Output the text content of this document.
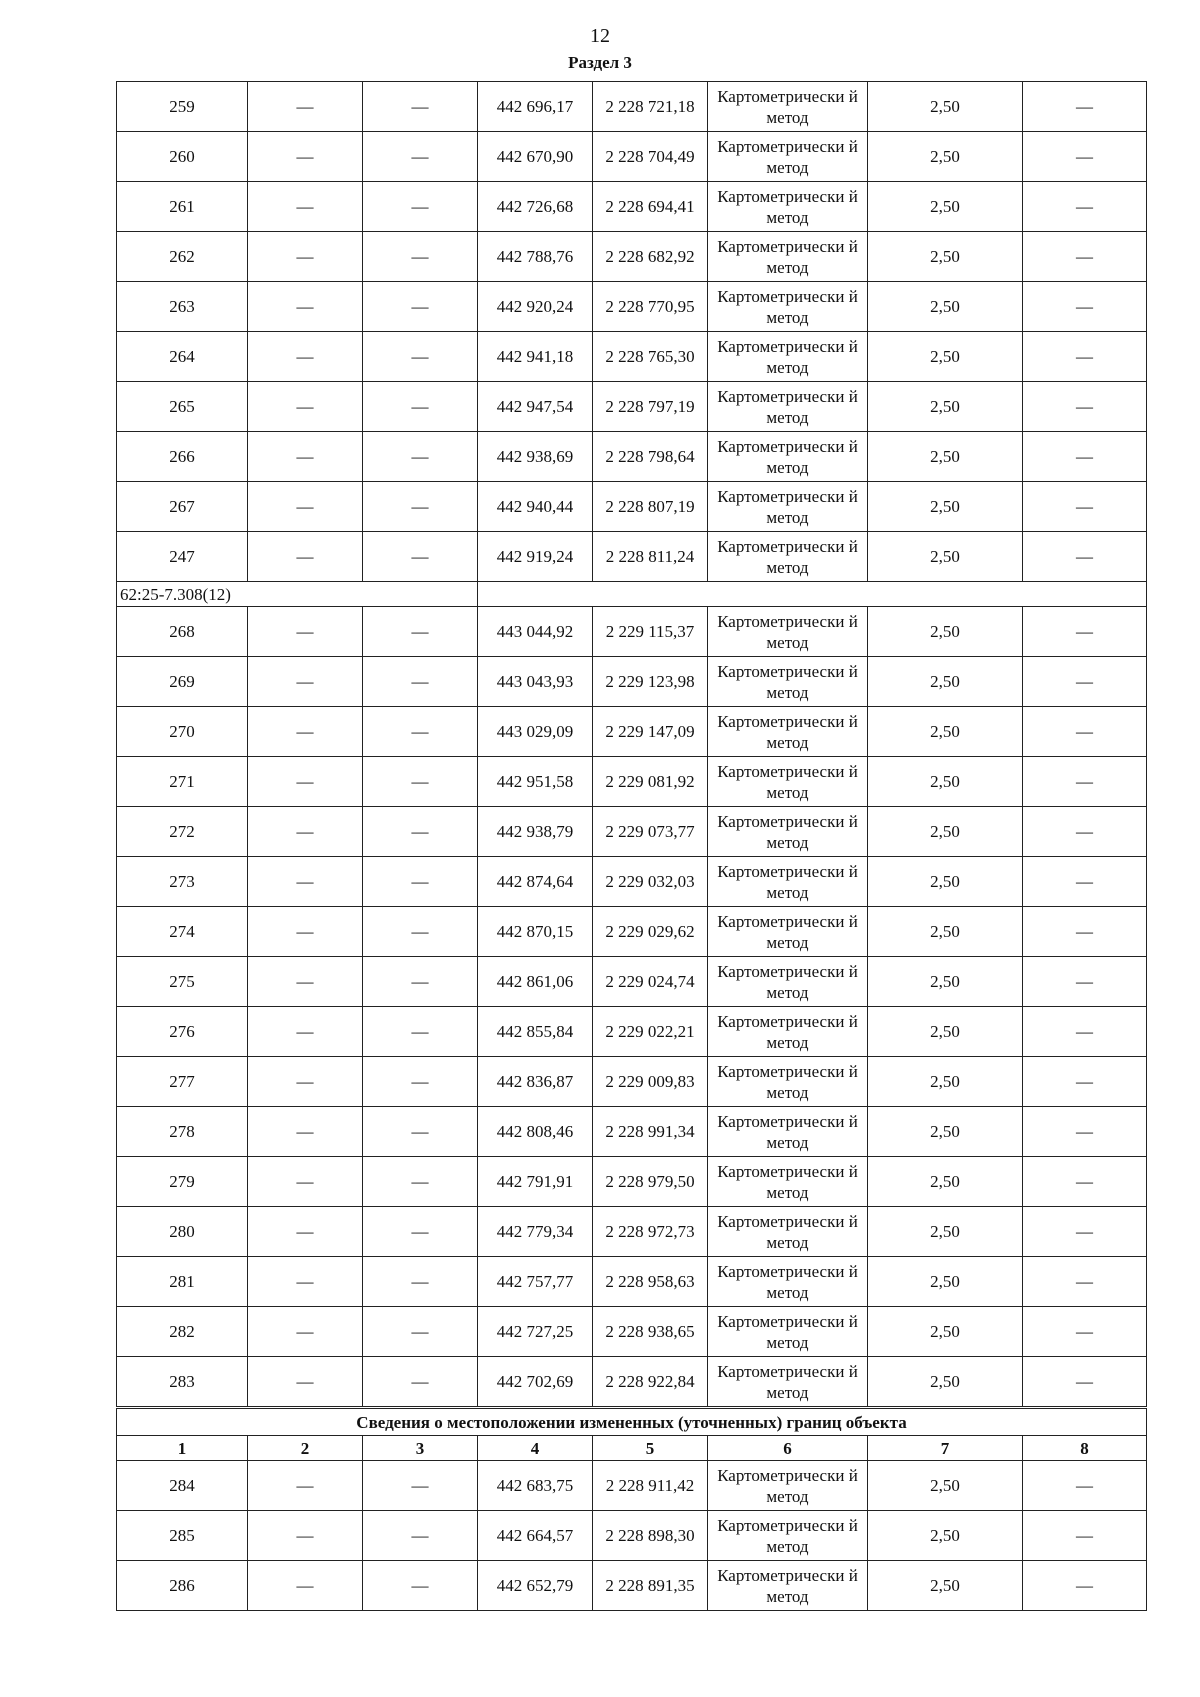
12
Раздел 3
259	—	—	442 696,17	2 228 721,18	Картометрически й метод	2,50	—
260	—	—	442 670,90	2 228 704,49	Картометрически й метод	2,50	—
261	—	—	442 726,68	2 228 694,41	Картометрически й метод	2,50	—
262	—	—	442 788,76	2 228 682,92	Картометрически й метод	2,50	—
263	—	—	442 920,24	2 228 770,95	Картометрически й метод	2,50	—
264	—	—	442 941,18	2 228 765,30	Картометрически й метод	2,50	—
265	—	—	442 947,54	2 228 797,19	Картометрически й метод	2,50	—
266	—	—	442 938,69	2 228 798,64	Картометрически й метод	2,50	—
267	—	—	442 940,44	2 228 807,19	Картометрически й метод	2,50	—
247	—	—	442 919,24	2 228 811,24	Картометрически й метод	2,50	—
62:25-7.308(12)							
268	—	—	443 044,92	2 229 115,37	Картометрически й метод	2,50	—
269	—	—	443 043,93	2 229 123,98	Картометрически й метод	2,50	—
270	—	—	443 029,09	2 229 147,09	Картометрически й метод	2,50	—
271	—	—	442 951,58	2 229 081,92	Картометрически й метод	2,50	—
272	—	—	442 938,79	2 229 073,77	Картометрически й метод	2,50	—
273	—	—	442 874,64	2 229 032,03	Картометрически й метод	2,50	—
274	—	—	442 870,15	2 229 029,62	Картометрически й метод	2,50	—
275	—	—	442 861,06	2 229 024,74	Картометрически й метод	2,50	—
276	—	—	442 855,84	2 229 022,21	Картометрически й метод	2,50	—
277	—	—	442 836,87	2 229 009,83	Картометрически й метод	2,50	—
278	—	—	442 808,46	2 228 991,34	Картометрически й метод	2,50	—
279	—	—	442 791,91	2 228 979,50	Картометрически й метод	2,50	—
280	—	—	442 779,34	2 228 972,73	Картометрически й метод	2,50	—
281	—	—	442 757,77	2 228 958,63	Картометрически й метод	2,50	—
282	—	—	442 727,25	2 228 938,65	Картометрически й метод	2,50	—
283	—	—	442 702,69	2 228 922,84	Картометрически й метод	2,50	—
Сведения о местоположении измененных (уточненных) границ объекта							
1	2	3	4	5	6	7	8
284	—	—	442 683,75	2 228 911,42	Картометрически й метод	2,50	—
285	—	—	442 664,57	2 228 898,30	Картометрически й метод	2,50	—
286	—	—	442 652,79	2 228 891,35	Картометрически й метод	2,50	—
